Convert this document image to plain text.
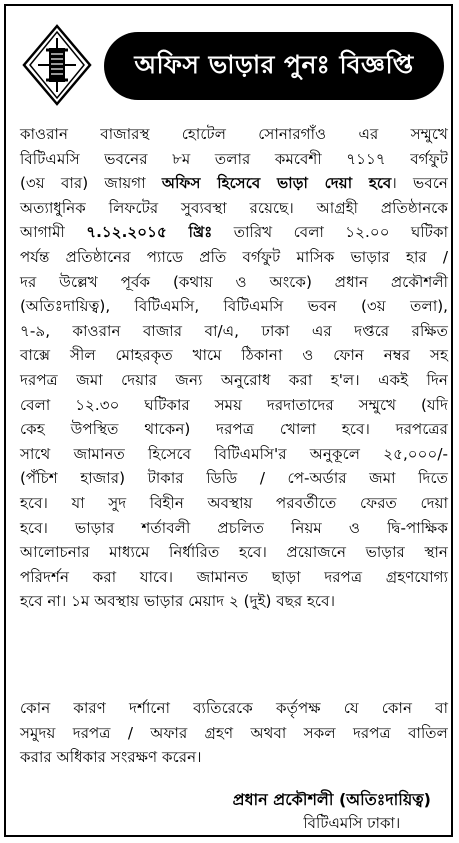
অফিস ভাড়ার পুনঃ বিজ্ঞপ্তি
কাওরান বাজারস্থ হোটেল সোনারগাঁও এর সম্মুখে
বিটিএমসি ভবনের ৮ম তলার কমবেশী ৭১১৭ বর্গফুট
(৩য় বার) জায়গা অফিস হিসেবে ভাড়া দেয়া হবে। ভবনে
অত্যাধুনিক লিফটের সুব্যবস্থা রয়েছে। আগ্রহী প্রতিষ্ঠানকে
আগামী ৭.১২.২০১৫ খ্রিঃ তারিখ বেলা ১২.০০ ঘটিকা
পর্যন্ত প্রতিষ্ঠানের প্যাডে প্রতি বর্গফুট মাসিক ভাড়ার হার /
দর উল্লেখ পূর্বক (কথায় ও অংকে) প্রধান প্রকৌশলী
(অতিঃদায়িত্ব), বিটিএমসি, বিটিএমসি ভবন (৩য় তলা),
৭-৯, কাওরান বাজার বা/এ, ঢাকা এর দপ্তরে রক্ষিত
বাক্সে সীল মোহরকৃত খামে ঠিকানা ও ফোন নম্বর সহ
দরপত্র জমা দেয়ার জন্য অনুরোধ করা হ'ল। একই দিন
বেলা ১২.৩০ ঘটিকার সময় দরদাতাদের সম্মুখে (যদি
কেহ উপস্থিত থাকেন) দরপত্র খোলা হবে। দরপত্রের
সাথে জামানত হিসেবে বিটিএমসি'র অনুকূলে ২৫,০০০/-
(পঁচিশ হাজার) টাকার ডিডি / পে-অর্ডার জমা দিতে
হবে। যা সুদ বিহীন অবস্থায় পরবর্তীতে ফেরত দেয়া
হবে। ভাড়ার শর্তাবলী প্রচলিত নিয়ম ও দ্বি-পাক্ষিক
আলোচনার মাধ্যমে নির্ধারিত হবে। প্রয়োজনে ভাড়ার স্থান
পরিদর্শন করা যাবে। জামানত ছাড়া দরপত্র গ্রহণযোগ্য
হবে না। ১ম অবস্থায় ভাড়ার মেয়াদ ২ (দুই) বছর হবে।
কোন কারণ দর্শানো ব্যতিরেকে কর্তৃপক্ষ যে কোন বা
সমুদয় দরপত্র / অফার গ্রহণ অথবা সকল দরপত্র বাতিল
করার অধিকার সংরক্ষণ করেন।
প্রধান প্রকৌশলী (অতিঃদায়িত্ব)
বিটিএমসি ঢাকা।
